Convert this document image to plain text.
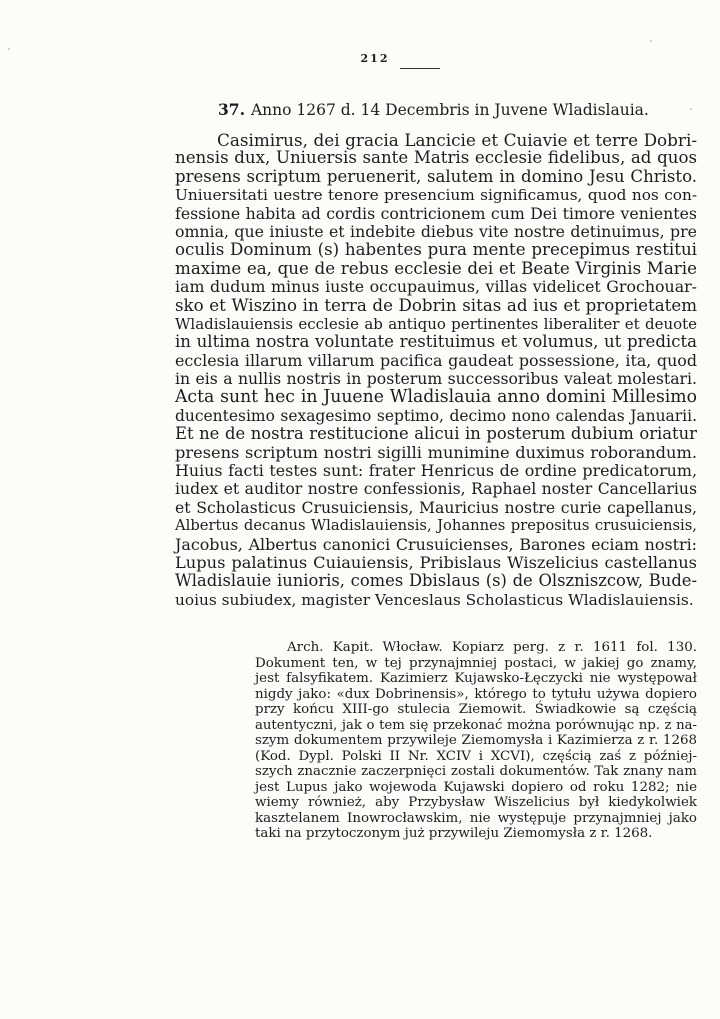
212
37. Anno 1267 d. 14 Decembris in Juvene Wladislauia.
Casimirus, dei gracia Lancicie et Cuiavie et terre Dobri-
nensis dux, Uniuersis sante Matris ecclesie fidelibus, ad quos
presens scriptum peruenerit, salutem in domino Jesu Christo.
Uniuersitati uestre tenore presencium significamus, quod nos con-
fessione habita ad cordis contricionem cum Dei timore venientes
omnia, que iniuste et indebite diebus vite nostre detinuimus, pre
oculis Dominum (s) habentes pura mente precepimus restitui
maxime ea, que de rebus ecclesie dei et Beate Virginis Marie
iam dudum minus iuste occupauimus, villas videlicet Grochouar-
sko et Wiszino in terra de Dobrin sitas ad ius et proprietatem
Wladislauiensis ecclesie ab antiquo pertinentes liberaliter et deuote
in ultima nostra voluntate restituimus et volumus, ut predicta
ecclesia illarum villarum pacifica gaudeat possessione, ita, quod
in eis a nullis nostris in posterum successoribus valeat molestari.
Acta sunt hec in Juuene Wladislauia anno domini Millesimo
ducentesimo sexagesimo septimo, decimo nono calendas Januarii.
Et ne de nostra restitucione alicui in posterum dubium oriatur
presens scriptum nostri sigilli munimine duximus roborandum.
Huius facti testes sunt: frater Henricus de ordine predicatorum,
iudex et auditor nostre confessionis, Raphael noster Cancellarius
et Scholasticus Crusuiciensis, Mauricius nostre curie capellanus,
Albertus decanus Wladislauiensis, Johannes prepositus crusuiciensis,
Jacobus, Albertus canonici Crusuicienses, Barones eciam nostri:
Lupus palatinus Cuiauiensis, Pribislaus Wiszelicius castellanus
Wladislauie iunioris, comes Dbislaus (s) de Olszniszcow, Bude-
uoius subiudex, magister Venceslaus Scholasticus Wladislauiensis.
Arch. Kapit. Włocław. Kopiarz perg. z r. 1611 fol. 130.
Dokument ten, w tej przynajmniej postaci, w jakiej go znamy,
jest falsyfikatem. Kazimierz Kujawsko-Łęczycki nie występował
nigdy jako: «dux Dobrinensis», którego to tytułu używa dopiero
przy końcu XIII-go stulecia Ziemowit. Świadkowie są częścią
autentyczni, jak o tem się przekonać można porównując np. z na-
szym dokumentem przywileje Ziemomysła i Kazimierza z r. 1268
(Kod. Dypl. Polski II Nr. XCIV i XCVI), częścią zaś z później-
szych znacznie zaczerpnięci zostali dokumentów. Tak znany nam
jest Lupus jako wojewoda Kujawski dopiero od roku 1282; nie
wiemy również, aby Przybysław Wiszelicius był kiedykolwiek
kasztelanem Inowrocławskim, nie występuje przynajmniej jako
taki na przytoczonym już przywileju Ziemomysła z r. 1268.
